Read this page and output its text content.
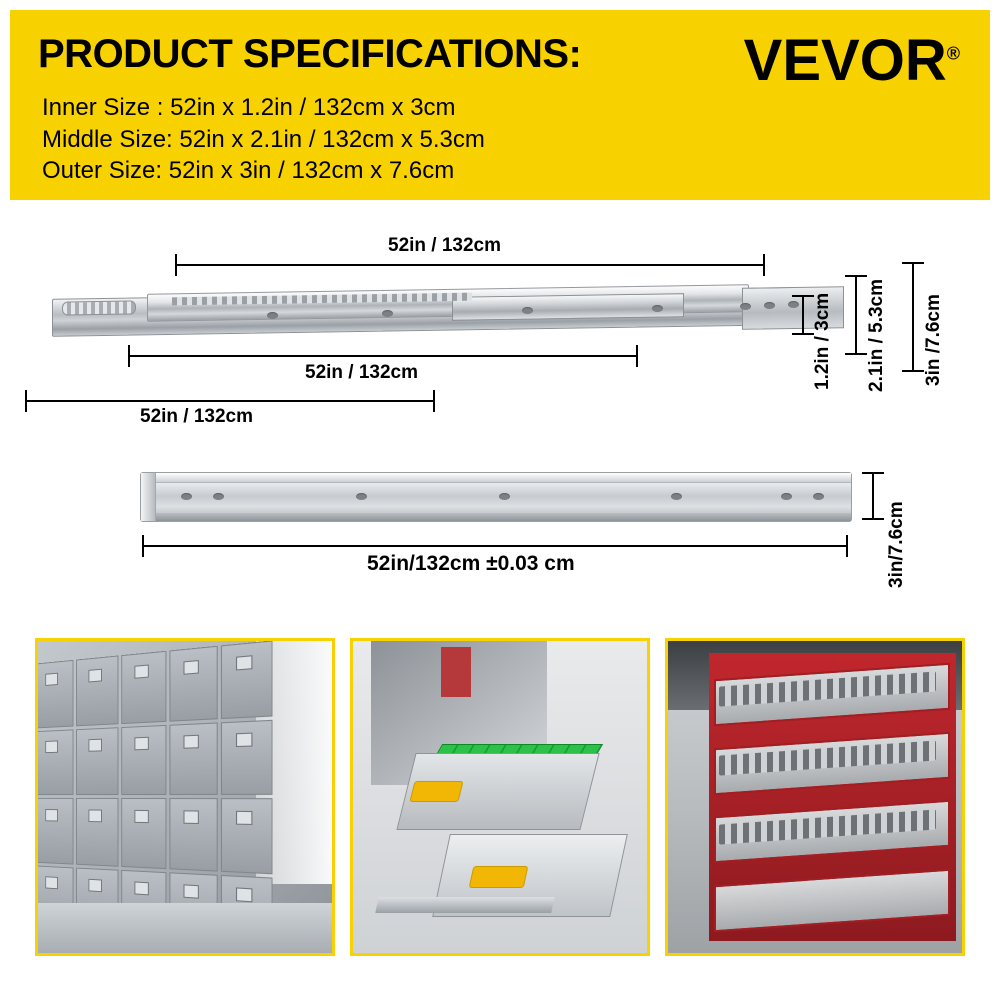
PRODUCT SPECIFICATIONS:
Inner Size : 52in x 1.2in / 132cm x 3cm
Middle Size: 52in x 2.1in / 132cm x 5.3cm
Outer Size: 52in x 3in / 132cm x 7.6cm
VEVOR®
52in / 132cm
52in / 132cm
52in / 132cm
1.2in / 3cm 2.1in / 5.3cm 3in /7.6cm
3in/7.6cm
52in/132cm ±0.03 cm
